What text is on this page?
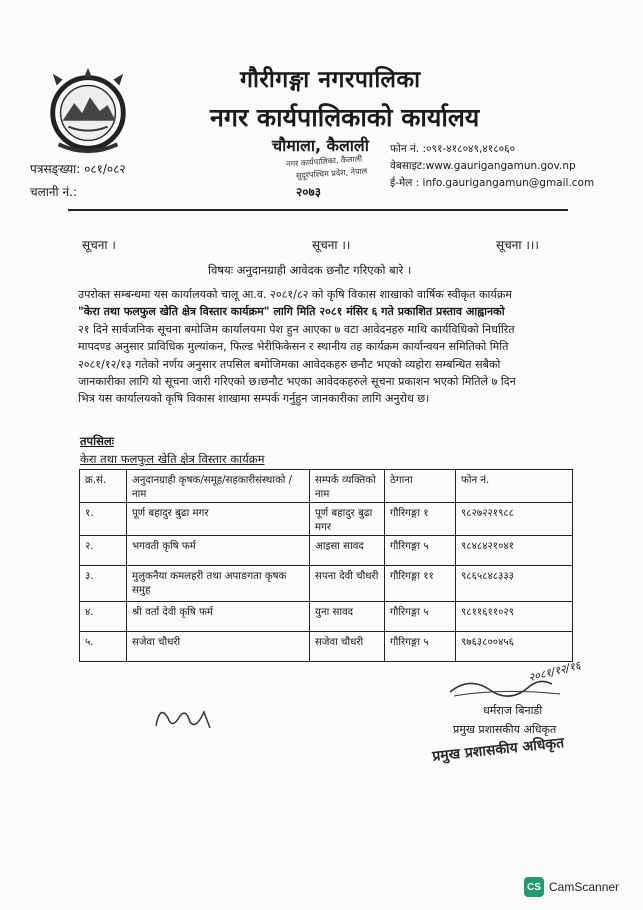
गौरीगङ्गा नगरपालिका
नगर कार्यपालिकाको कार्यालय
चौमाला, कैलाली
नगर कार्यपालिका, कैलाली
सुदूरपश्चिम प्रदेश, नेपाल
२०७३
फोन नं. :०९१-४१८०४९,४१८०६०
वेबसाइट:www.gaurigangamun.gov.np
ई-मेल : info.gaurigangamun@gmail.com
पत्रसङ्ख्या: ०८१/०८२
चलानी नं.:
सूचना ।	सूचना ।।	सूचना ।।।
विषयः अनुदानग्राही आवेदक छनौट गरिएको बारे ।
उपरोक्त सम्बन्धमा यस कार्यालयको चालू आ.व. २०८१/८२ को कृषि विकास शाखाको वार्षिक स्वीकृत कार्यक्रम
"केरा तथा फलफुल खेति क्षेत्र विस्तार कार्यक्रम" लागि मिति २०८१ मंसिर ६ गते प्रकाशित प्रस्ताव आह्वानको
२१ दिने सार्वजनिक सूचना बमोजिम कार्यालयमा पेश हुन आएका ७ वटा आवेदनहरु माथि कार्यविधिको निर्धारित
मापदण्ड अनुसार प्राविधिक मुल्यांकन, फिल्ड भेरीफिकेसन र स्थानीय तह कार्यक्रम कार्यान्वयन समितिको मिति
२०८१/१२/१३ गतेको नर्णय अनुसार तपसिल बमोजिमका आवेदकहरु छनौट भएको व्यहोरा सम्बन्धित सबैको
जानकारीका लागि यो सूचना जारी गरिएको छ।छनौट भएका आवेदकहरुले सूचना प्रकाशन भएको मितिले ७ दिन
भित्र यस कार्यालयको कृषि विकास शाखामा सम्पर्क गर्नुहुन जानकारीका लागि अनुरोध छ।
तपसिलः
केरा तथा फलफुल खेति क्षेत्र विस्तार कार्यक्रम
क्र.सं.	अनुदानग्राही कृषक/समूह/सहकारीसंस्थाको / नाम	सम्पर्क व्यक्तिको नाम	ठेगाना	फोन नं.
१.	पूर्ण बहादुर बुढा मगर	पूर्ण बहादुर बुढा मगर	गौरिगङ्गा १	९८२७२२१९८८
२.	भगवती कृषि फर्म	आइसा सावद	गौरिगङ्गा ५	९८४८४२१०४१
३.	मुलुकनैया कमलहरी तथा अपाङगता कृषक समुह	सपना देवी चौधरी	गौरिगङ्गा ११	९८६५८४८३३३
४.	श्री वर्ता देवी कृषि फर्म	युना सावद	गौरिगङ्गा ५	९८११६११०२९
५.	सजेवा चौधरी	सजेवा चौधरी	गौरिगङ्गा ५	९७६३८००४५६
२०८१/१२/१६
धर्मराज बिनाडी
प्रमुख प्रशासकीय अधिकृत
प्रमुख प्रशासकीय अधिकृत
CS CamScanner
